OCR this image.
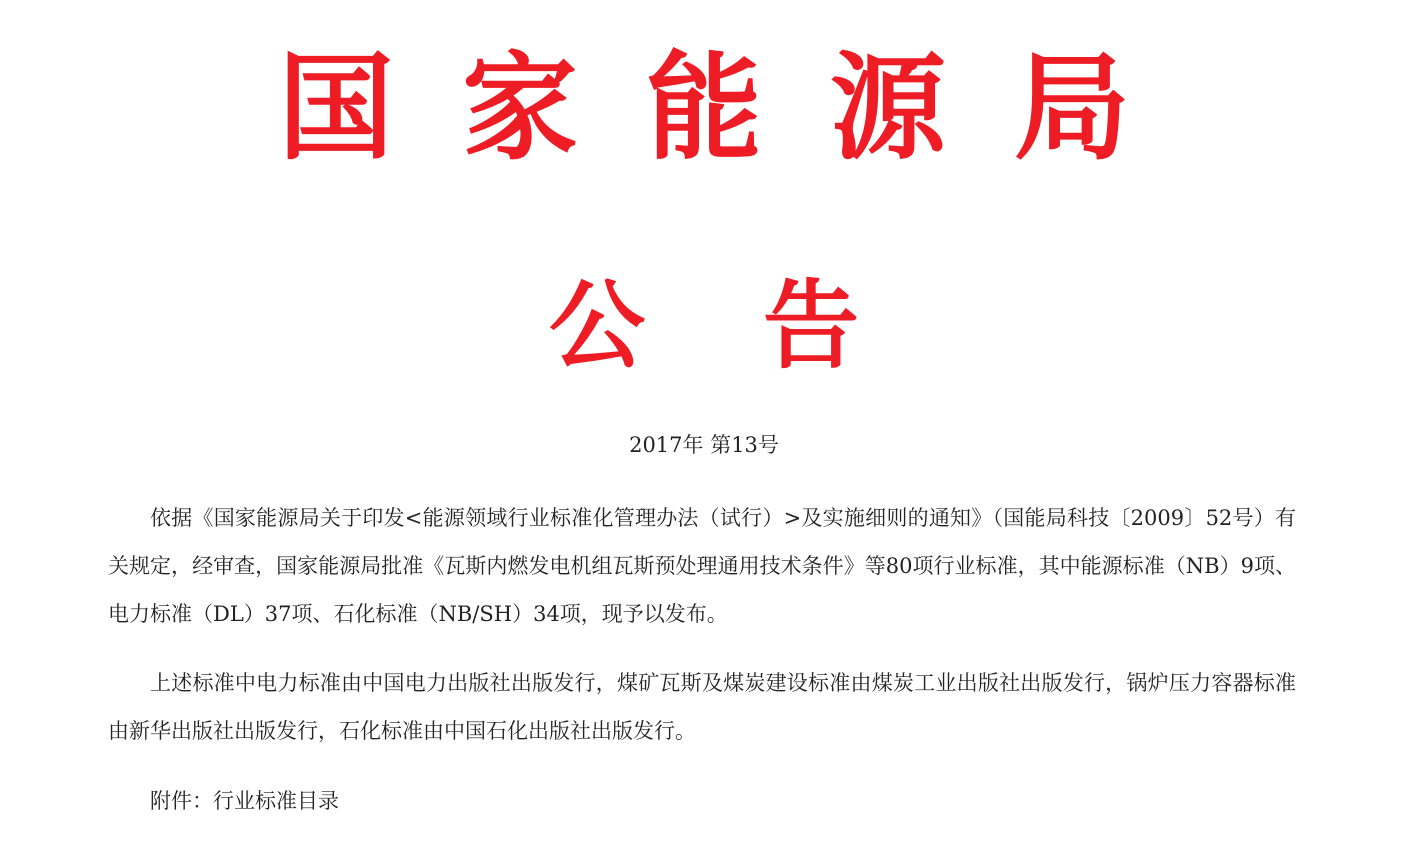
国家能源局
公告
2017年 第13号

依据《国家能源局关于印发<能源领域行业标准化管理办法（试行）>及实施细则的通知》（国能局科技〔2009〕52号）有关规定，经审查，国家能源局批准《瓦斯内燃发电机组瓦斯预处理通用技术条件》等80项行业标准，其中能源标准（NB）9项、电力标准（DL）37项、石化标准（NB/SH）34项，现予以发布。

上述标准中电力标准由中国电力出版社出版发行，煤矿瓦斯及煤炭建设标准由煤炭工业出版社出版发行，锅炉压力容器标准由新华出版社出版发行，石化标准由中国石化出版社出版发行。

附件：行业标准目录
